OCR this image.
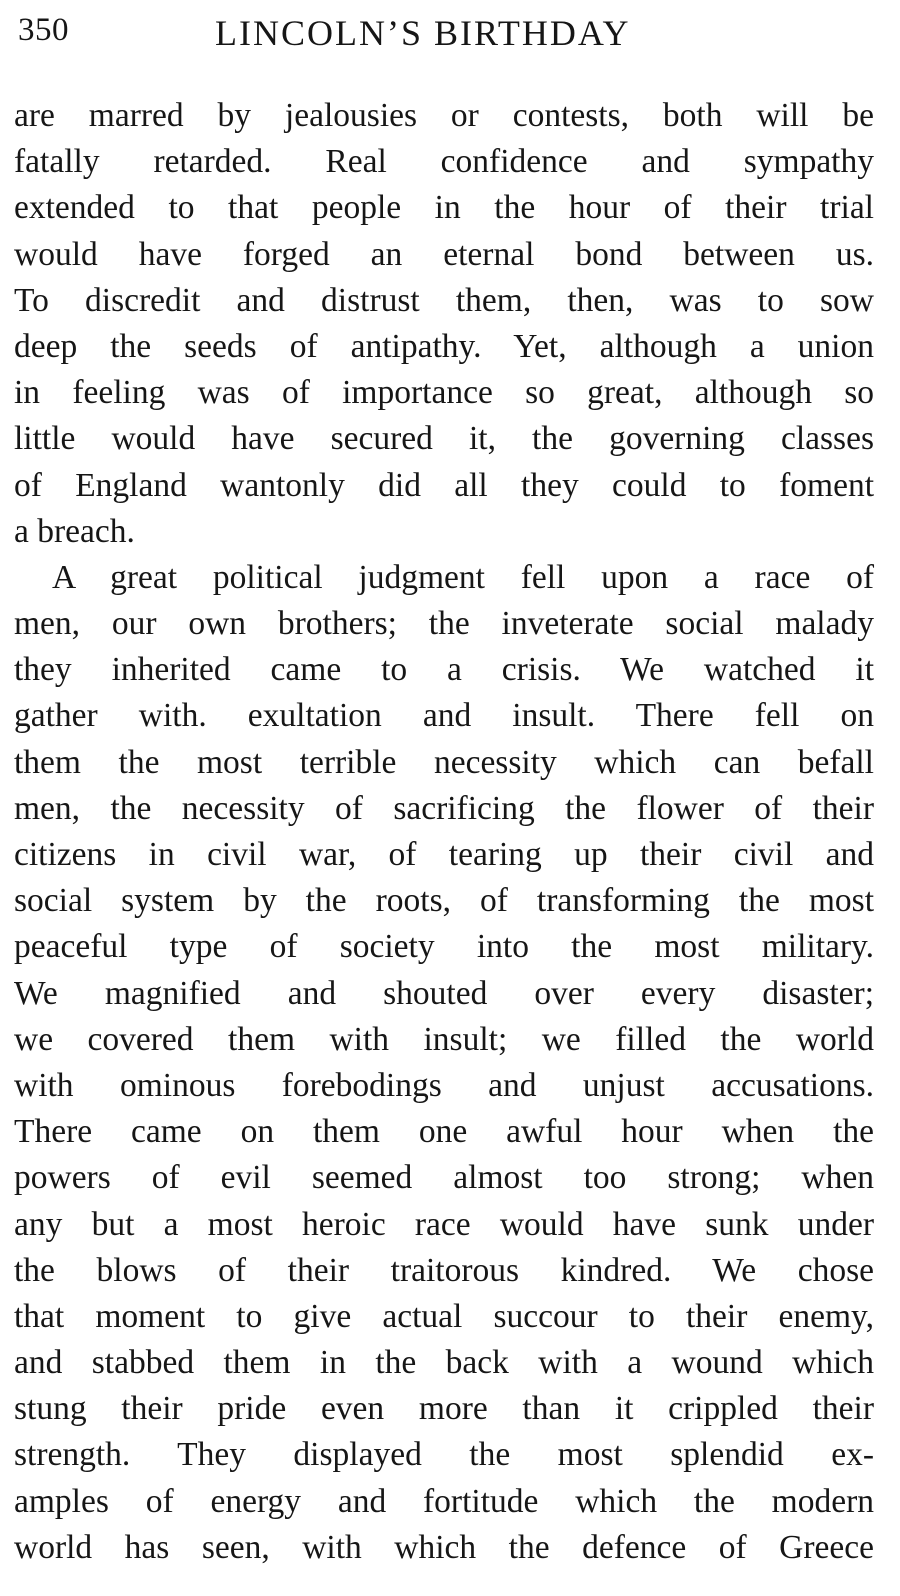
350	LINCOLN’S BIRTHDAY
are marred by jealousies or contests, both will be
fatally retarded. Real confidence and sympathy
extended to that people in the hour of their trial
would have forged an eternal bond between us.
To discredit and distrust them, then, was to sow
deep the seeds of antipathy. Yet, although a union
in feeling was of importance so great, although so
little would have secured it, the governing classes
of England wantonly did all they could to foment
a breach.
A great political judgment fell upon a race of
men, our own brothers; the inveterate social malady
they inherited came to a crisis. We watched it
gather with. exultation and insult. There fell on
them the most terrible necessity which can befall
men, the necessity of sacrificing the flower of their
citizens in civil war, of tearing up their civil and
social system by the roots, of transforming the most
peaceful type of society into the most military.
We magnified and shouted over every disaster;
we covered them with insult; we filled the world
with ominous forebodings and unjust accusations.
There came on them one awful hour when the
powers of evil seemed almost too strong; when
any but a most heroic race would have sunk under
the blows of their traitorous kindred. We chose
that moment to give actual succour to their enemy,
and stabbed them in the back with a wound which
stung their pride even more than it crippled their
strength. They displayed the most splendid ex-
amples of energy and fortitude which the modern
world has seen, with which the defence of Greece
